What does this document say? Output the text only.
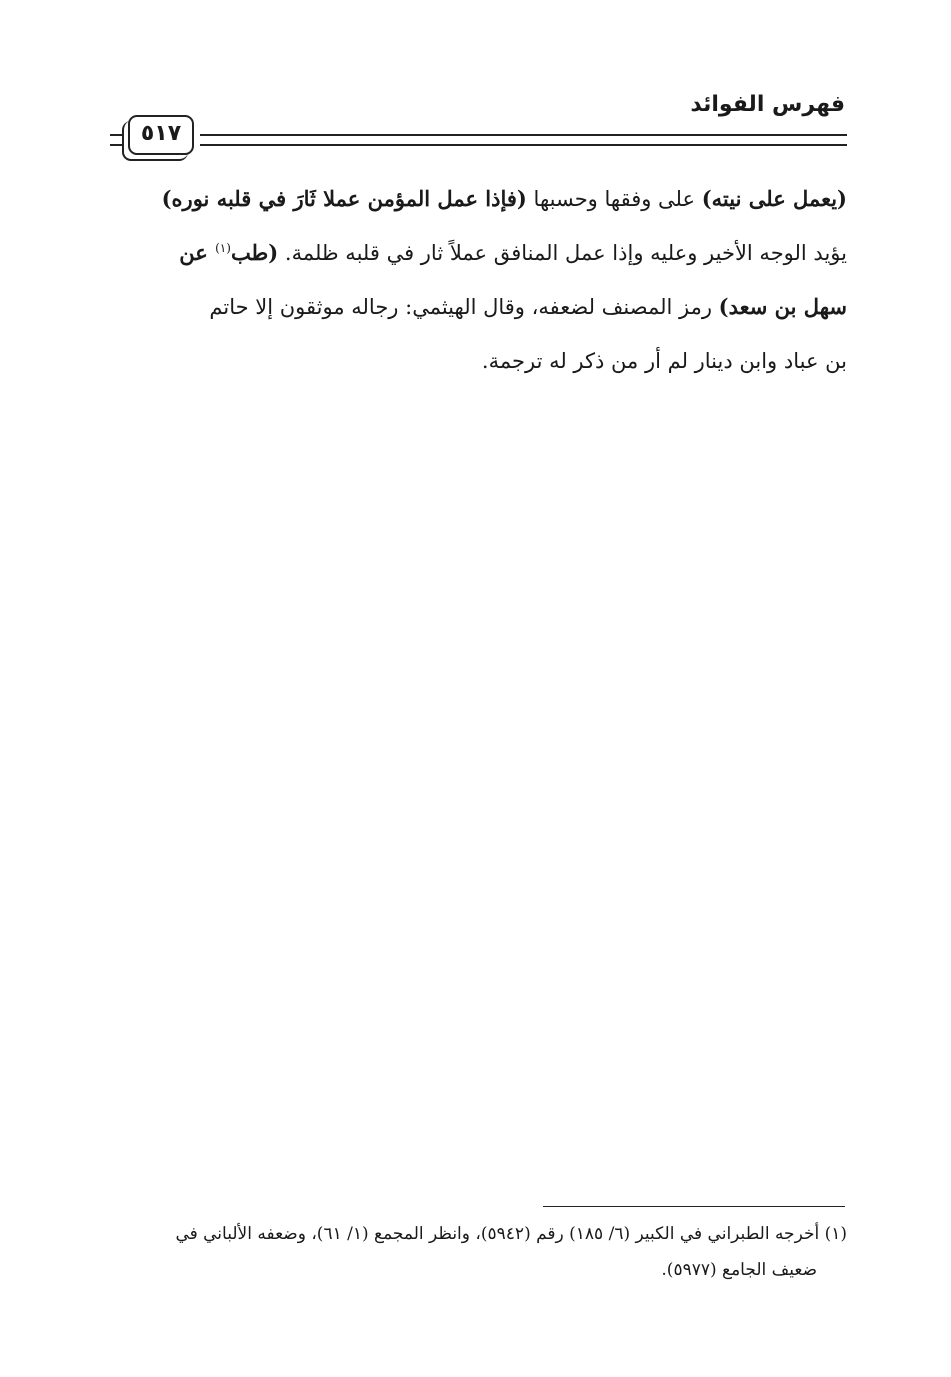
فهرس الفوائد
٥١٧
(يعمل على نيته) على وفقها وحسبها (فإذا عمل المؤمن عملا ثَارَ في قلبه نوره)
يؤيد الوجه الأخير وعليه وإذا عمل المنافق عملاً ثار في قلبه ظلمة. (طب$^{(١)}$ عن
سهل بن سعد) رمز المصنف لضعفه، وقال الهيثمي: رجاله موثقون إلا حاتم
بن عباد وابن دينار لم أر من ذكر له ترجمة.
(١) أخرجه الطبراني في الكبير (٦/ ١٨٥) رقم (٥٩٤٢)، وانظر المجمع (١/ ٦١)، وضعفه الألباني في
ضعيف الجامع (٥٩٧٧).
